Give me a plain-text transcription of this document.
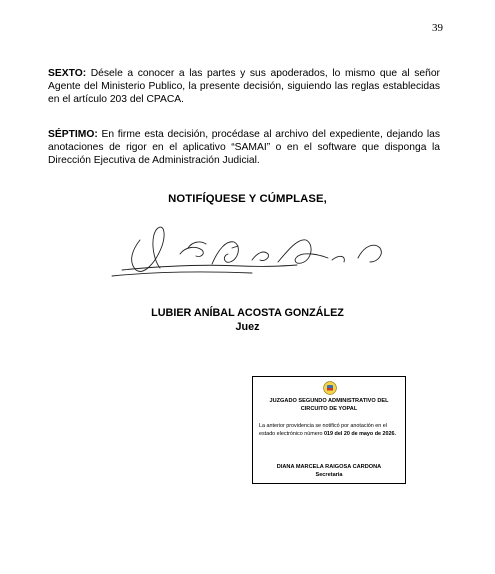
39

SEXTO: Désele a conocer a las partes y sus apoderados, lo mismo que al señor Agente del Ministerio Publico, la presente decisión, siguiendo las reglas establecidas en el artículo 203 del CPACA.

SÉPTIMO: En firme esta decisión, procédase al archivo del expediente, dejando las anotaciones de rigor en el aplicativo “SAMAI” o en el software que disponga la Dirección Ejecutiva de Administración Judicial.

NOTIFÍQUESE Y CÚMPLASE,
LUBIER ANÍBAL ACOSTA GONZÁLEZ
Juez
JUZGADO SEGUNDO ADMINISTRATIVO DEL
CIRCUITO DE YOPAL
La anterior providencia se notificó por anotación en el estado electrónico número 019 del 20 de mayo de 2026.
DIANA MARCELA RAIGOSA CARDONA
Secretaria
